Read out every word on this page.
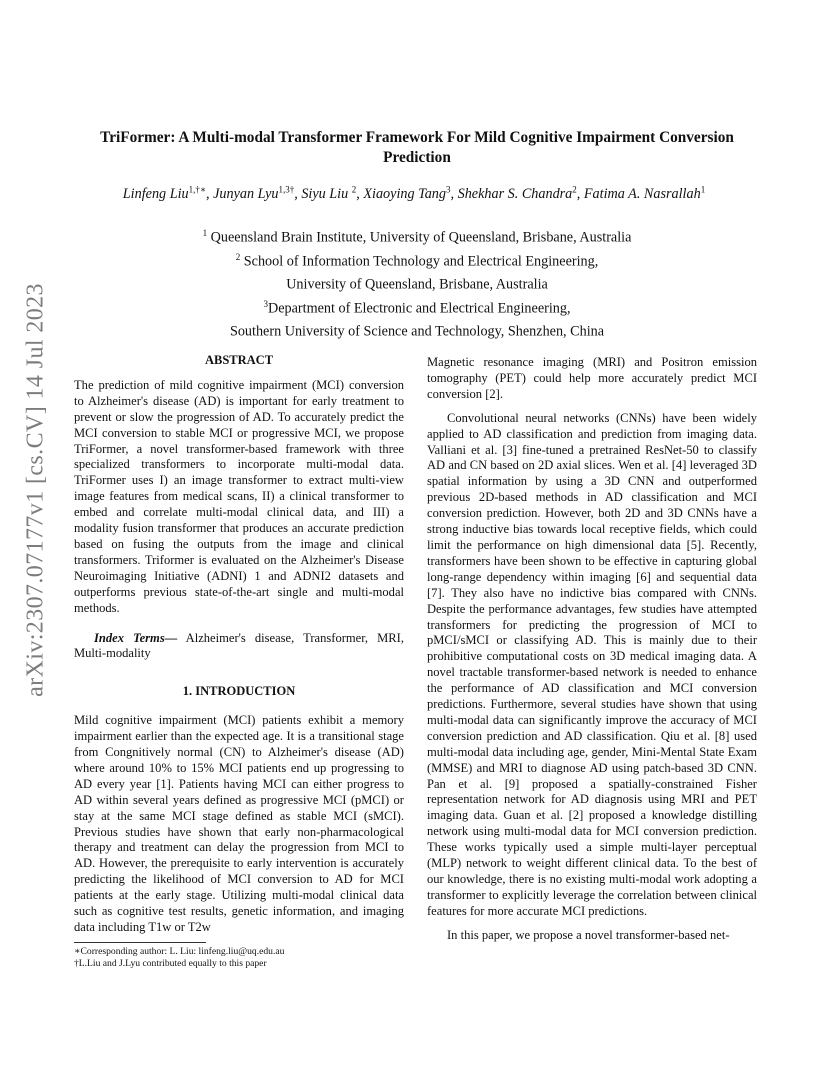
arXiv:2307.07177v1 [cs.CV] 14 Jul 2023
TriFormer: A Multi-modal Transformer Framework For Mild Cognitive Impairment Conversion Prediction
Linfeng Liu$^{1,\dagger∗}$, Junyan Lyu$^{1,3\dagger}$, Siyu Liu $^2$, Xiaoying Tang$^3$, Shekhar S. Chandra$^2$, Fatima A. Nasrallah$^1$
$^1$ Queensland Brain Institute, University of Queensland, Brisbane, Australia
$^2$ School of Information Technology and Electrical Engineering,
University of Queensland, Brisbane, Australia
$^3$Department of Electronic and Electrical Engineering,
Southern University of Science and Technology, Shenzhen, China
ABSTRACT

The prediction of mild cognitive impairment (MCI) conversion to Alzheimer's disease (AD) is important for early treatment to prevent or slow the progression of AD. To accurately predict the MCI conversion to stable MCI or progressive MCI, we propose TriFormer, a novel transformer-based framework with three specialized transformers to incorporate multi-modal data. TriFormer uses I) an image transformer to extract multi-view image features from medical scans, II) a clinical transformer to embed and correlate multi-modal clinical data, and III) a modality fusion transformer that produces an accurate prediction based on fusing the outputs from the image and clinical transformers. Triformer is evaluated on the Alzheimer's Disease Neuroimaging Initiative (ADNI) 1 and ADNI2 datasets and outperforms previous state-of-the-art single and multi-modal methods.

Index Terms— Alzheimer's disease, Transformer, MRI, Multi-modality

1. INTRODUCTION

Mild cognitive impairment (MCI) patients exhibit a memory impairment earlier than the expected age. It is a transitional stage from Congnitively normal (CN) to Alzheimer's disease (AD) where around 10% to 15% MCI patients end up progressing to AD every year [1]. Patients having MCI can either progress to AD within several years defined as progressive MCI (pMCI) or stay at the same MCI stage defined as stable MCI (sMCI). Previous studies have shown that early non-pharmacological therapy and treatment can delay the progression from MCI to AD. However, the prerequisite to early intervention is accurately predicting the likelihood of MCI conversion to AD for MCI patients at the early stage. Utilizing multi-modal clinical data such as cognitive test results, genetic information, and imaging data including T1w or T2w

∗Corresponding author: L. Liu: linfeng.liu@uq.edu.au
†L.Liu and J.Lyu contributed equally to this paper

Magnetic resonance imaging (MRI) and Positron emission tomography (PET) could help more accurately predict MCI conversion [2].

Convolutional neural networks (CNNs) have been widely applied to AD classification and prediction from imaging data. Valliani et al. [3] fine-tuned a pretrained ResNet-50 to classify AD and CN based on 2D axial slices. Wen et al. [4] leveraged 3D spatial information by using a 3D CNN and outperformed previous 2D-based methods in AD classification and MCI conversion prediction. However, both 2D and 3D CNNs have a strong inductive bias towards local receptive fields, which could limit the performance on high dimensional data [5]. Recently, transformers have been shown to be effective in capturing global long-range dependency within imaging [6] and sequential data [7]. They also have no indictive bias compared with CNNs. Despite the performance advantages, few studies have attempted transformers for predicting the progression of MCI to pMCI/sMCI or classifying AD. This is mainly due to their prohibitive computational costs on 3D medical imaging data. A novel tractable transformer-based network is needed to enhance the performance of AD classification and MCI conversion predictions. Furthermore, several studies have shown that using multi-modal data can significantly improve the accuracy of MCI conversion prediction and AD classification. Qiu et al. [8] used multi-modal data including age, gender, Mini-Mental State Exam (MMSE) and MRI to diagnose AD using patch-based 3D CNN. Pan et al. [9] proposed a spatially-constrained Fisher representation network for AD diagnosis using MRI and PET imaging data. Guan et al. [2] proposed a knowledge distilling network using multi-modal data for MCI conversion prediction. These works typically used a simple multi-layer perceptual (MLP) network to weight different clinical data. To the best of our knowledge, there is no existing multi-modal work adopting a transformer to explicitly leverage the correlation between clinical features for more accurate MCI predictions.

In this paper, we propose a novel transformer-based net-
